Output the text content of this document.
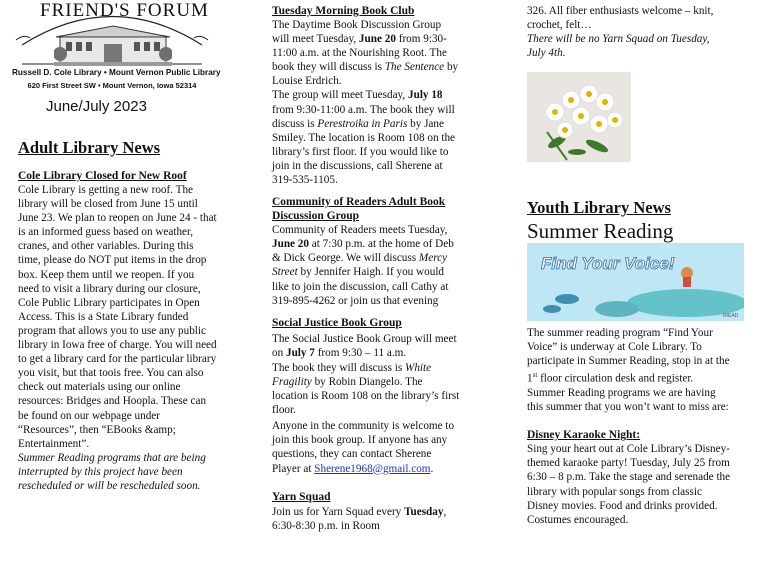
FRIEND'S FORUM
Russell D. Cole Library • Mount Vernon Public Library
620 First Street SW • Mount Vernon, Iowa 52314
June/July 2023
Adult Library News
Cole Library Closed for New Roof

Cole Library is getting a new roof. The library will be closed from June 15 until June 23. We plan to reopen on June 24 - that is an informed guess based on weather, cranes, and other variables. During this time, please do NOT put items in the drop box. Keep them until we reopen. If you need to visit a library during our closure, Cole Public Library participates in Open Access. This is a State Library funded program that allows you to use any public library in Iowa free of charge. You will need to get a library card for the particular library you visit, but that toois free. You can also check out materials using our online resources: Bridges and Hoopla. These can be found on our webpage under “Resources”, then “EBooks &amp; Entertainment”.

Summer Reading programs that are being interrupted by this project have been rescheduled or will be rescheduled soon.

Tuesday Morning Book Club

The Daytime Book Discussion Group will meet Tuesday, June 20 from 9:30-11:00 a.m. at the Nourishing Root. The book they will discuss is The Sentence by Louise Erdrich.

The group will meet Tuesday, July 18 from 9:30-11:00 a.m. The book they will discuss is Perestroika in Paris by Jane Smiley. The location is Room 108 on the library’s first floor. If you would like to join in the discussions, call Sherene at 319-535-1105.

Community of Readers Adult Book Discussion Group

Community of Readers meets Tuesday, June 20 at 7:30 p.m. at the home of Deb & Dick George. We will discuss Mercy Street by Jennifer Haigh. If you would like to join the discussion, call Cathy at 319-895-4262 or join us that evening

Social Justice Book Group

The Social Justice Book Group will meet on July 7 from 9:30 – 11 a.m.

The book they will discuss is White Fragility by Robin Diangelo. The location is Room 108 on the library’s first floor.

Anyone in the community is welcome to join this book group. If anyone has any questions, they can contact Sherene Player at Sherene1968@gmail.com.

Yarn Squad

Join us for Yarn Squad every Tuesday, 6:30-8:30 p.m. in Room

326. All fiber enthusiasts welcome – knit, crochet, felt…

There will be no Yarn Squad on Tuesday, July 4th.

Youth Library News

Summer Reading

Find Your Voice!
IREAD

The summer reading program “Find Your Voice” is underway at Cole Library. To participate in Summer Reading, stop in at the 1st floor circulation desk and register. Summer Reading programs we are having this summer that you won’t want to miss are:

Disney Karaoke Night:

Sing your heart out at Cole Library’s Disney-themed karaoke party! Tuesday, July 25 from 6:30 – 8 p.m. Take the stage and serenade the library with popular songs from classic Disney movies. Food and drinks provided. Costumes encouraged.
